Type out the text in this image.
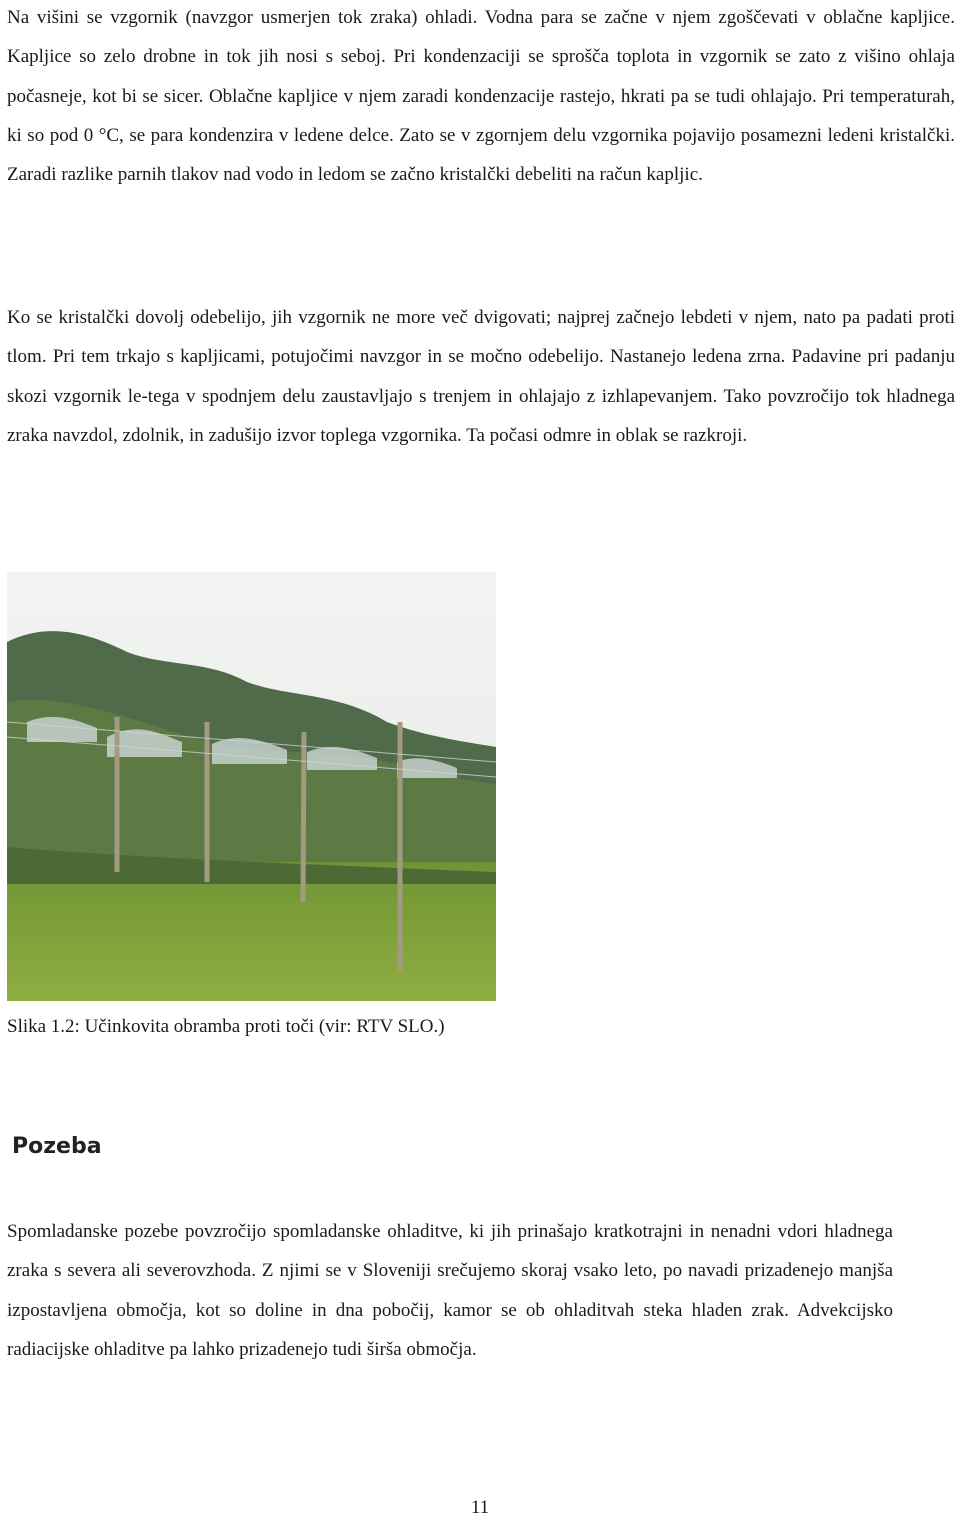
Na višini se vzgornik (navzgor usmerjen tok zraka) ohladi. Vodna para se začne v njem zgoščevati v oblačne kapljice. Kapljice so zelo drobne in tok jih nosi s seboj. Pri kondenzaciji se sprošča toplota in vzgornik se zato z višino ohlaja počasneje, kot bi se sicer. Oblačne kapljice v njem zaradi kondenzacije rastejo, hkrati pa se tudi ohlajajo. Pri temperaturah, ki so pod 0 °C, se para kondenzira v ledene delce. Zato se v zgornjem delu vzgornika pojavijo posamezni ledeni kristalčki. Zaradi razlike parnih tlakov nad vodo in ledom se začno kristalčki debeliti na račun kapljic.

Ko se kristalčki dovolj odebelijo, jih vzgornik ne more več dvigovati; najprej začnejo lebdeti v njem, nato pa padati proti tlom. Pri tem trkajo s kapljicami, potujočimi navzgor in se močno odebelijo. Nastanejo ledena zrna. Padavine pri padanju skozi vzgornik le-tega v spodnjem delu zaustavljajo s trenjem in ohlajajo z izhlapevanjem. Tako povzročijo tok hladnega zraka navzdol, zdolnik, in zadušijo izvor toplega vzgornika. Ta počasi odmre in oblak se razkroji.

Slika 1.2: Učinkovita obramba proti toči (vir: RTV SLO.)

Pozeba

Spomladanske pozebe povzročijo spomladanske ohladitve, ki jih prinašajo kratkotrajni in nenadni vdori hladnega zraka s severa ali severovzhoda. Z njimi se v Sloveniji srečujemo skoraj vsako leto, po navadi prizadenejo manjša izpostavljena območja, kot so doline in dna pobočij, kamor se ob ohladitvah steka hladen zrak. Advekcijsko radiacijske ohladitve pa lahko prizadenejo tudi širša območja.

11
